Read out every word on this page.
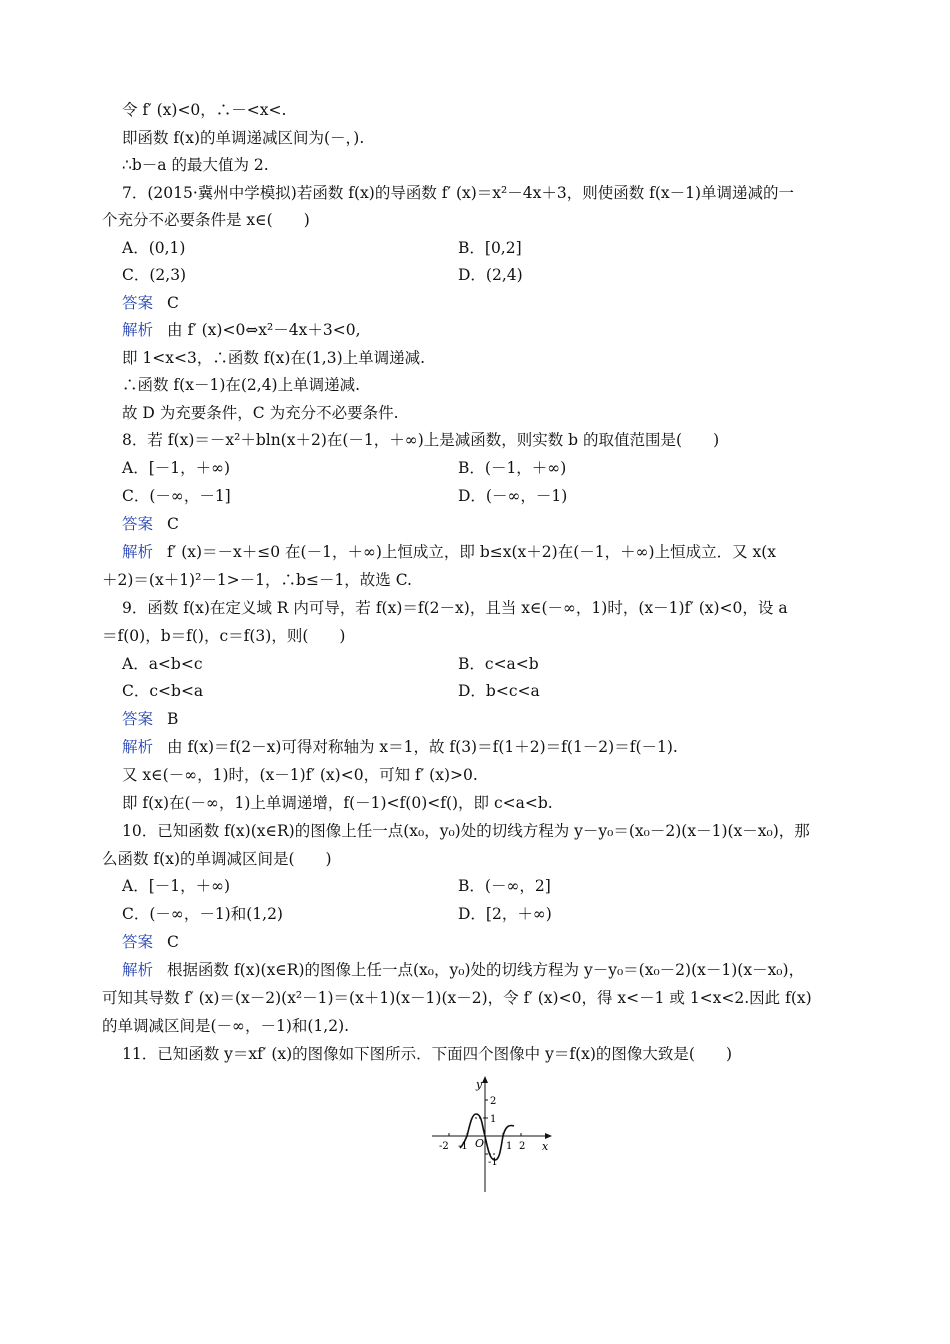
令 f′ (x)<0，∴－<x<.
即函数 f(x)的单调递减区间为(－，).
∴b－a 的最大值为 2.
7．(2015·冀州中学模拟)若函数 f(x)的导函数 f′ (x)＝x²－4x＋3，则使函数 f(x－1)单调递减的一
个充分不必要条件是 x∈(　　)
A．(0,1)	B．[0,2]
C．(2,3)	D．(2,4)
答案 C
解析 由 f′ (x)<0⇔x²－4x＋3<0,
即 1<x<3，∴函数 f(x)在(1,3)上单调递减.
∴函数 f(x－1)在(2,4)上单调递减.
故 D 为充要条件，C 为充分不必要条件.
8．若 f(x)＝－x²＋bln(x＋2)在(－1，＋∞)上是减函数，则实数 b 的取值范围是(　　)
A．[－1，＋∞)	B．(－1，＋∞)
C．(－∞，－1]	D．(－∞，－1)
答案 C
解析 f′ (x)＝－x＋≤0 在(－1，＋∞)上恒成立，即 b≤x(x＋2)在(－1，＋∞)上恒成立．又 x(x
＋2)＝(x＋1)²－1>－1，∴b≤－1，故选 C.
9．函数 f(x)在定义域 R 内可导，若 f(x)＝f(2－x)，且当 x∈(－∞，1)时，(x－1)f′ (x)<0，设 a
＝f(0)，b＝f()，c＝f(3)，则(　　)
A．a<b<c	B．c<a<b
C．c<b<a	D．b<c<a
答案 B
解析 由 f(x)＝f(2－x)可得对称轴为 x＝1，故 f(3)＝f(1＋2)＝f(1－2)＝f(－1).
又 x∈(－∞，1)时，(x－1)f′ (x)<0，可知 f′ (x)>0.
即 f(x)在(－∞，1)上单调递增，f(－1)<f(0)<f()，即 c<a<b.
10．已知函数 f(x)(x∈R)的图像上任一点(x₀，y₀)处的切线方程为 y－y₀＝(x₀－2)(x－1)(x－x₀)，那
么函数 f(x)的单调减区间是(　　)
A．[－1，＋∞)	B．(－∞，2]
C．(－∞，－1)和(1,2)	D．[2，＋∞)
答案 C
解析 根据函数 f(x)(x∈R)的图像上任一点(x₀，y₀)处的切线方程为 y－y₀＝(x₀－2)(x－1)(x－x₀)，
可知其导数 f′ (x)＝(x－2)(x²－1)＝(x＋1)(x－1)(x－2)，令 f′ (x)<0，得 x<－1 或 1<x<2.因此 f(x)
的单调减区间是(－∞，－1)和(1,2).
11．已知函数 y＝xf′ (x)的图像如下图所示．下面四个图像中 y＝f(x)的图像大致是(　　)
y
x
O
2
1
-1
-2 -1	1 2
